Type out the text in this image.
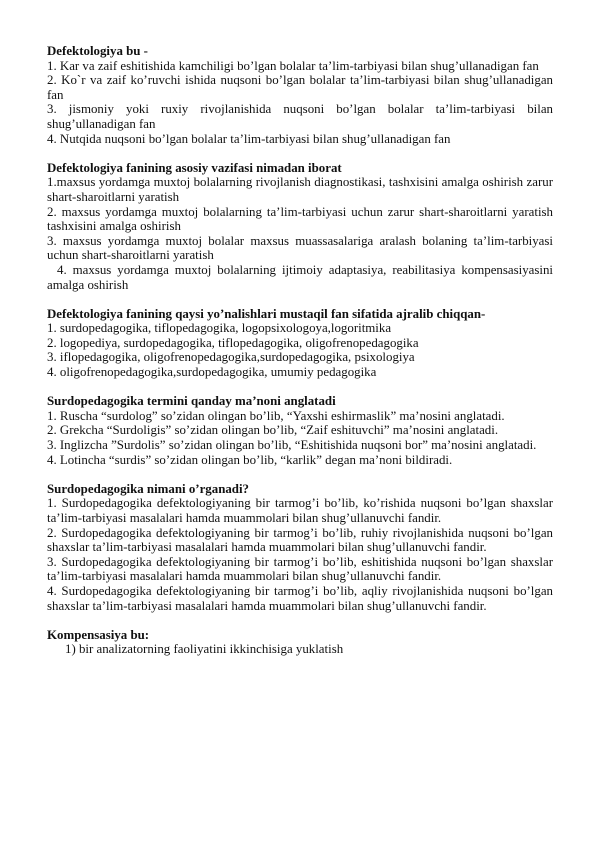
Defektologiya bu -

1. Kar va zaif eshitishida kamchiligi bo’lgan bolalar ta’lim-tarbiyasi bilan shug’ullanadigan fan

2. Ko`r va zaif ko’ruvchi ishida nuqsoni bo’lgan bolalar ta’lim-tarbiyasi bilan shug’ullanadigan fan

3. jismoniy yoki ruxiy rivojlanishida nuqsoni bo’lgan bolalar ta’lim-tarbiyasi bilan shug’ullanadigan fan

4. Nutqida nuqsoni bo’lgan bolalar ta’lim-tarbiyasi bilan shug’ullanadigan fan

Defektologiya fanining asosiy vazifasi nimadan iborat

1.maxsus yordamga muxtoj bolalarning rivojlanish diagnostikasi, tashxisini amalga oshirish zarur shart-sharoitlarni yaratish

2. maxsus yordamga muxtoj bolalarning ta’lim-tarbiyasi uchun zarur shart-sharoitlarni yaratish tashxisini amalga oshirish

3. maxsus yordamga muxtoj bolalar maxsus muassasalariga aralash bolaning ta’lim-tarbiyasi uchun shart-sharoitlarni yaratish

4. maxsus yordamga muxtoj bolalarning ijtimoiy adaptasiya, reabilitasiya kompensasiyasini amalga oshirish

Defektologiya fanining qaysi yo’nalishlari mustaqil fan sifatida ajralib chiqqan-

1. surdopedagogika, tiflopedagogika, logopsixologoya,logoritmika

2. logopediya, surdopedagogika, tiflopedagogika, oligofrenopedagogika

3. iflopedagogika, oligofrenopedagogika,surdopedagogika, psixologiya

4. oligofrenopedagogika,surdopedagogika, umumiy pedagogika

Surdopedagogika termini qanday ma’noni anglatadi

1. Ruscha “surdolog” so’zidan olingan bo’lib, “Yaxshi eshirmaslik” ma’nosini anglatadi.

2. Grekcha “Surdoligis” so’zidan olingan bo’lib, “Zaif eshituvchi” ma’nosini anglatadi.

3. Inglizcha ”Surdolis” so’zidan olingan bo’lib, “Eshitishida nuqsoni bor” ma’nosini anglatadi.

4. Lotincha “surdis” so’zidan olingan bo’lib, “karlik” degan ma’noni bildiradi.

Surdopedagogika nimani o’rganadi?

1. Surdopedagogika defektologiyaning bir tarmog’i bo’lib, ko’rishida nuqsoni bo’lgan shaxslar ta’lim-tarbiyasi masalalari hamda muammolari bilan shug’ullanuvchi fandir.

2. Surdopedagogika defektologiyaning bir tarmog’i bo’lib, ruhiy rivojlanishida nuqsoni bo’lgan shaxslar ta’lim-tarbiyasi masalalari hamda muammolari bilan shug’ullanuvchi fandir.

3. Surdopedagogika defektologiyaning bir tarmog’i bo’lib, eshitishida nuqsoni bo’lgan shaxslar ta’lim-tarbiyasi masalalari hamda muammolari bilan shug’ullanuvchi fandir.

4. Surdopedagogika defektologiyaning bir tarmog’i bo’lib, aqliy rivojlanishida nuqsoni bo’lgan shaxslar ta’lim-tarbiyasi masalalari hamda muammolari bilan shug’ullanuvchi fandir.

Kompensasiya bu:

1) bir analizatorning faoliyatini ikkinchisiga yuklatish
